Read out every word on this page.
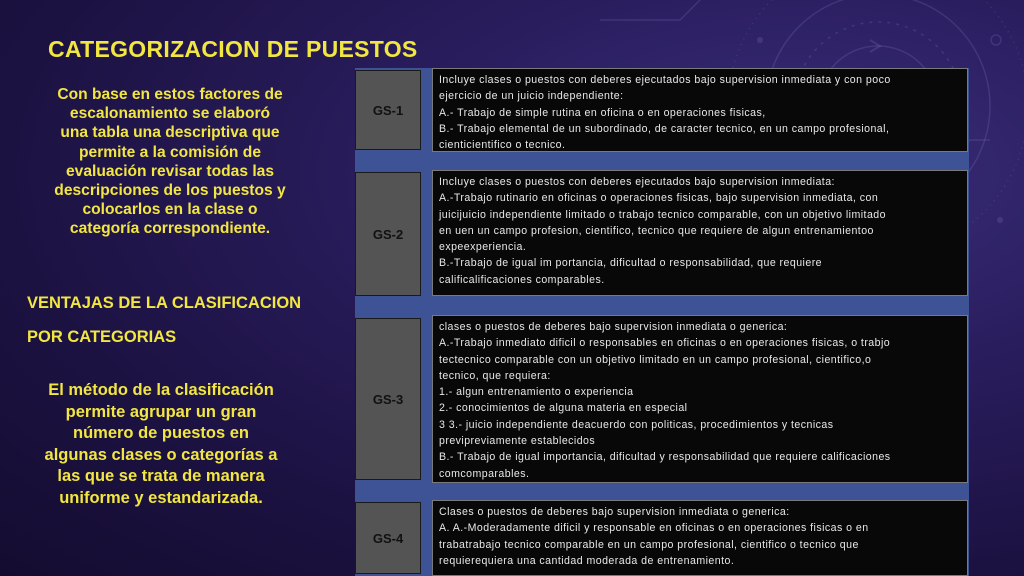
CATEGORIZACION DE PUESTOS
Con base en estos factores de
escalonamiento se elaboró
una tabla una descriptiva que
permite a la comisión de
evaluación revisar todas las
descripciones de los puestos y
colocarlos en la clase o
categoría correspondiente.
VENTAJAS DE LA CLASIFICACION
POR CATEGORIAS
El método de la clasificación
permite agrupar un gran
número de puestos en
algunas clases o categorías a
las que se trata de manera
uniforme y estandarizada.
GS-1
Incluye clases o puestos con deberes ejecutados bajo supervision inmediata y con poco
ejercicio de un juicio independiente:
A.- Trabajo de simple rutina en oficina o en operaciones fisicas,
B.- Trabajo elemental de un subordinado, de caracter tecnico, en un campo profesional,
cienticientifico o tecnico.
GS-2
Incluye clases o puestos con deberes ejecutados bajo supervision inmediata:
A.-Trabajo rutinario en oficinas o operaciones fisicas, bajo supervision inmediata, con
juicijuicio independiente limitado o trabajo tecnico comparable, con un objetivo limitado
en uen un campo profesion, cientifico, tecnico que requiere de algun entrenamientoo
expeexperiencia.
B.-Trabajo de igual im portancia, dificultad o responsabilidad, que requiere
calificalificaciones comparables.
GS-3
clases o puestos de deberes bajo supervision inmediata o generica:
A.-Trabajo inmediato dificil o responsables en oficinas o en operaciones fisicas, o trabjo
tectecnico comparable con un objetivo limitado en un campo profesional, cientifico,o
tecnico, que requiera:
1.- algun entrenamiento o experiencia
2.- conocimientos de alguna materia en especial
3 3.- juicio independiente deacuerdo con politicas, procedimientos y tecnicas
previpreviamente establecidos
B.- Trabajo de igual importancia, dificultad y responsabilidad que requiere calificaciones
comcomparables.
GS-4
Clases o puestos de deberes bajo supervision inmediata o generica:
A. A.-Moderadamente dificil y responsable en oficinas o en operaciones fisicas o en
trabatrabajo tecnico comparable en un campo profesional, cientifico o tecnico que
requierequiera una cantidad moderada de entrenamiento.
